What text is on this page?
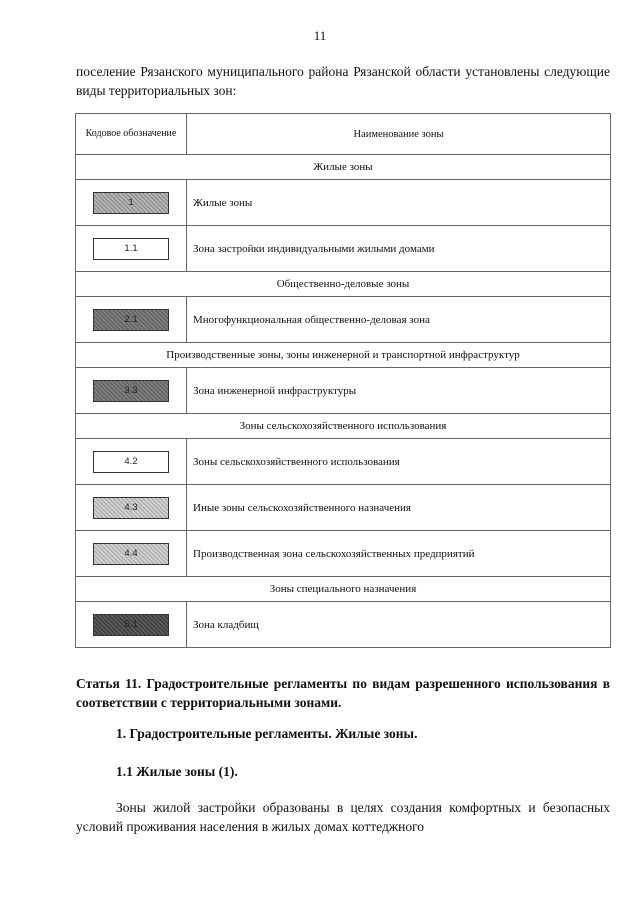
11
поселение Рязанского муниципального района Рязанской области установлены следующие виды территориальных зон:
Кодовое обозначение	Наименование зоны
Жилые зоны	
1	Жилые зоны
1.1	Зона застройки индивидуальными жилыми домами
Общественно-деловые зоны	
2.1	Многофункциональная общественно-деловая зона
Производственные зоны, зоны инженерной и транспортной инфраструктур	
3.3	Зона инженерной инфраструктуры
Зоны сельскохозяйственного использования	
4.2	Зоны сельскохозяйственного использования
4.3	Иные зоны сельскохозяйственного назначения
4.4	Производственная зона сельскохозяйственных предприятий
Зоны специального назначения	
5.1	Зона кладбищ
Статья 11. Градостроительные регламенты по видам разрешенного использования в соответствии с территориальными зонами.
1. Градостроительные регламенты. Жилые зоны.
1.1 Жилые зоны (1).
Зоны жилой застройки образованы в целях создания комфортных и безопасных условий проживания населения в жилых домах коттеджного
